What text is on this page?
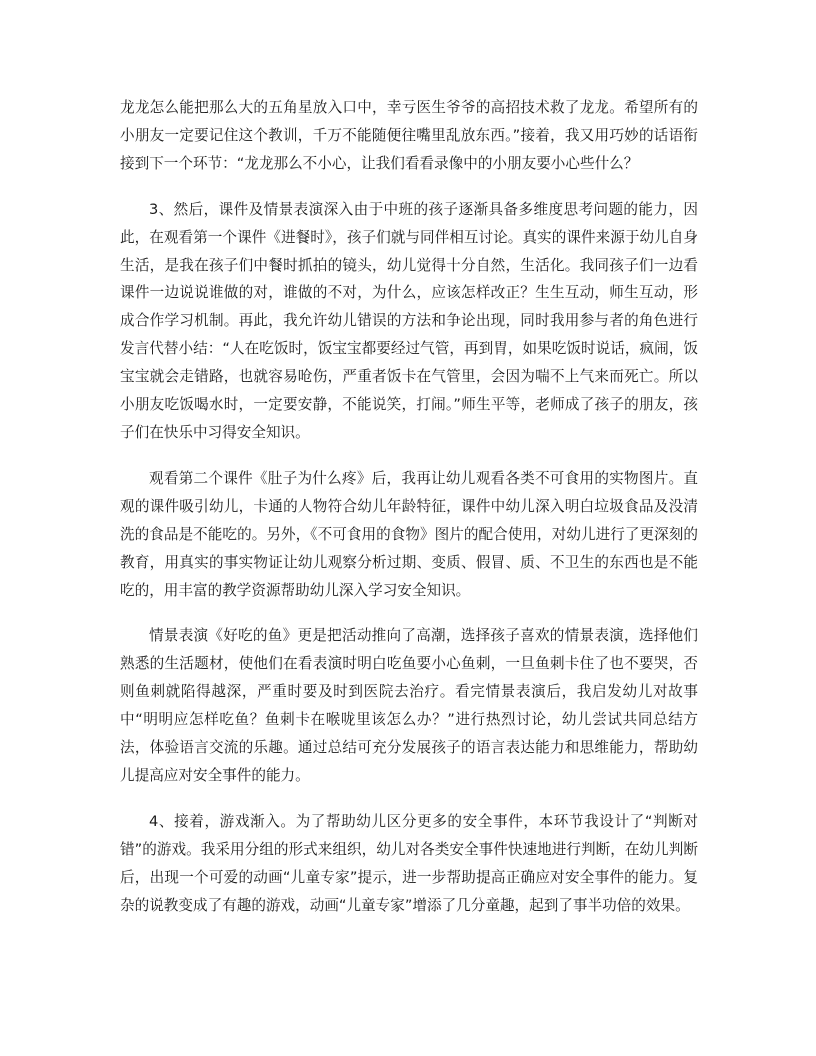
龙龙怎么能把那么大的五角星放入口中，幸亏医生爷爷的高招技术救了龙龙。希望所有的小朋友一定要记住这个教训，千万不能随便往嘴里乱放东西。”接着，我又用巧妙的话语衔接到下一个环节：“龙龙那么不小心，让我们看看录像中的小朋友要小心些什么？

3、然后，课件及情景表演深入由于中班的孩子逐渐具备多维度思考问题的能力，因此，在观看第一个课件《进餐时》，孩子们就与同伴相互讨论。真实的课件来源于幼儿自身生活，是我在孩子们中餐时抓拍的镜头，幼儿觉得十分自然，生活化。我同孩子们一边看课件一边说说谁做的对，谁做的不对，为什么，应该怎样改正？生生互动，师生互动，形成合作学习机制。再此，我允许幼儿错误的方法和争论出现，同时我用参与者的角色进行发言代替小结：“人在吃饭时，饭宝宝都要经过气管，再到胃，如果吃饭时说话，疯闹，饭宝宝就会走错路，也就容易呛伤，严重者饭卡在气管里，会因为喘不上气来而死亡。所以小朋友吃饭喝水时，一定要安静，不能说笑，打闹。”师生平等，老师成了孩子的朋友，孩子们在快乐中习得安全知识。

观看第二个课件《肚子为什么疼》后，我再让幼儿观看各类不可食用的实物图片。直观的课件吸引幼儿，卡通的人物符合幼儿年龄特征，课件中幼儿深入明白垃圾食品及没清洗的食品是不能吃的。另外，《不可食用的食物》图片的配合使用，对幼儿进行了更深刻的教育，用真实的事实物证让幼儿观察分析过期、变质、假冒、质、不卫生的东西也是不能吃的，用丰富的教学资源帮助幼儿深入学习安全知识。

情景表演《好吃的鱼》更是把活动推向了高潮，选择孩子喜欢的情景表演，选择他们熟悉的生活题材，使他们在看表演时明白吃鱼要小心鱼刺，一旦鱼刺卡住了也不要哭，否则鱼刺就陷得越深，严重时要及时到医院去治疗。看完情景表演后，我启发幼儿对故事中“明明应怎样吃鱼？鱼刺卡在喉咙里该怎么办？”进行热烈讨论，幼儿尝试共同总结方法，体验语言交流的乐趣。通过总结可充分发展孩子的语言表达能力和思维能力，帮助幼儿提高应对安全事件的能力。

4、接着，游戏渐入。为了帮助幼儿区分更多的安全事件，本环节我设计了“判断对错”的游戏。我采用分组的形式来组织，幼儿对各类安全事件快速地进行判断，在幼儿判断后，出现一个可爱的动画“儿童专家”提示，进一步帮助提高正确应对安全事件的能力。复杂的说教变成了有趣的游戏，动画“儿童专家”增添了几分童趣，起到了事半功倍的效果。
